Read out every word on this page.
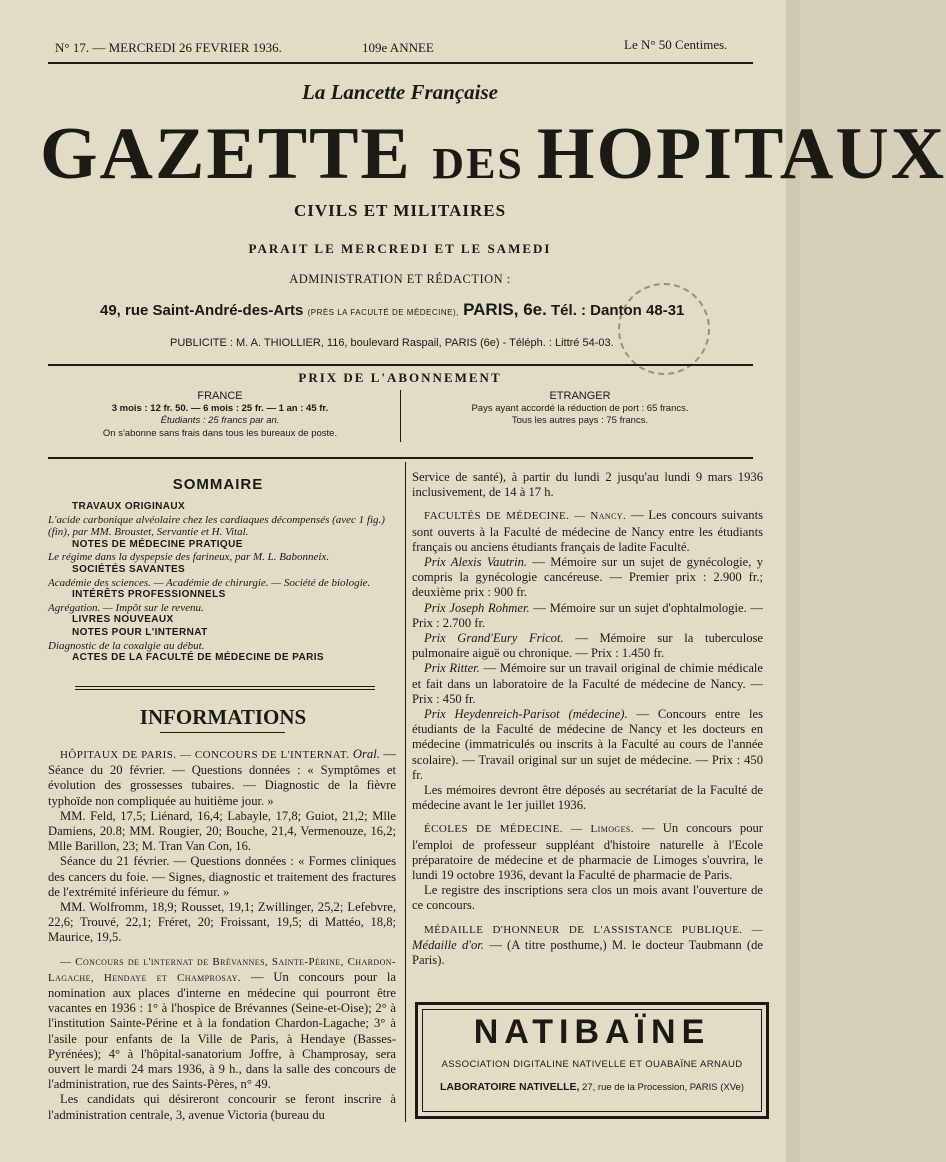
N° 17. — MERCREDI 26 FEVRIER 1936.	109e ANNEE	Le N° 50 Centimes.
La Lancette Française
GAZETTE DES HOPITAUX
CIVILS ET MILITAIRES
PARAIT LE MERCREDI ET LE SAMEDI
ADMINISTRATION ET RÉDACTION :
49, rue Saint-André-des-Arts (PRÈS LA FACULTÉ DE MÉDECINE), PARIS, 6e. Tél. : Danton 48-31
PUBLICITE : M. A. THIOLLIER, 116, boulevard Raspail, PARIS (6e) - Téléph. : Littré 54-03.
PRIX DE L'ABONNEMENT
FRANCE
3 mois : 12 fr. 50. — 6 mois : 25 fr. — 1 an : 45 fr.
Étudiants : 25 francs par an.
On s'abonne sans frais dans tous les bureaux de poste.
ETRANGER
Pays ayant accordé la réduction de port : 65 francs.
Tous les autres pays : 75 francs.
SOMMAIRE
TRAVAUX ORIGINAUX
L'acide carbonique alvéolaire chez les cardiaques décompensés (avec 1 fig.) (fin), par MM. Broustet, Servantie et H. Vital.
NOTES DE MÉDECINE PRATIQUE
Le régime dans la dyspepsie des farineux, par M. L. Babonneix.
SOCIÉTÉS SAVANTES
Académie des sciences. — Académie de chirurgie. — Société de biologie.
INTÉRÊTS PROFESSIONNELS
Agrégation. — Impôt sur le revenu.
LIVRES NOUVEAUX
NOTES POUR L'INTERNAT
Diagnostic de la coxalgie au début.
ACTES DE LA FACULTÉ DE MÉDECINE DE PARIS
INFORMATIONS

HÔPITAUX DE PARIS. — CONCOURS DE L'INTERNAT. Oral. — Séance du 20 février. — Questions données : « Symptômes et évolution des grossesses tubaires. — Diagnostic de la fièvre typhoïde non compliquée au huitième jour. »

MM. Feld, 17,5; Liénard, 16,4; Labayle, 17,8; Guiot, 21,2; Mlle Damiens, 20.8; MM. Rougier, 20; Bouche, 21,4, Vermenouze, 16,2; Mlle Barillon, 23; M. Tran Van Con, 16.

Séance du 21 février. — Questions données : « Formes cliniques des cancers du foie. — Signes, diagnostic et traitement des fractures de l'extrémité inférieure du fémur. »

MM. Wolfromm, 18,9; Rousset, 19,1; Zwillinger, 25,2; Lefebvre, 22,6; Trouvé, 22,1; Fréret, 20; Froissant, 19,5; di Mattéo, 18,8; Maurice, 19,5.

— Concours de l'internat de Brévannes, Sainte-Périne, Chardon-Lagache, Hendaye et Champrosay. — Un concours pour la nomination aux places d'interne en médecine qui pourront être vacantes en 1936 : 1° à l'hospice de Brévannes (Seine-et-Oise); 2° à l'institution Sainte-Périne et à la fondation Chardon-Lagache; 3° à l'asile pour enfants de la Ville de Paris, à Hendaye (Basses-Pyrénées); 4° à l'hôpital-sanatorium Joffre, à Champrosay, sera ouvert le mardi 24 mars 1936, à 9 h., dans la salle des concours de l'administration, rue des Saints-Pères, n° 49.

Les candidats qui désireront concourir se feront inscrire à l'administration centrale, 3, avenue Victoria (bureau du

Service de santé), à partir du lundi 2 jusqu'au lundi 9 mars 1936 inclusivement, de 14 à 17 h.

FACULTÉS DE MÉDECINE. — Nancy. — Les concours suivants sont ouverts à la Faculté de médecine de Nancy entre les étudiants français ou anciens étudiants français de ladite Faculté.

Prix Alexis Vautrin. — Mémoire sur un sujet de gynécologie, y compris la gynécologie cancéreuse. — Premier prix : 2.900 fr.; deuxième prix : 900 fr.

Prix Joseph Rohmer. — Mémoire sur un sujet d'ophtalmologie. — Prix : 2.700 fr.

Prix Grand'Eury Fricot. — Mémoire sur la tuberculose pulmonaire aiguë ou chronique. — Prix : 1.450 fr.

Prix Ritter. — Mémoire sur un travail original de chimie médicale et fait dans un laboratoire de la Faculté de médecine de Nancy. — Prix : 450 fr.

Prix Heydenreich-Parisot (médecine). — Concours entre les étudiants de la Faculté de médecine de Nancy et les docteurs en médecine (immatriculés ou inscrits à la Faculté au cours de l'année scolaire). — Travail original sur un sujet de médecine. — Prix : 450 fr.

Les mémoires devront être déposés au secrétariat de la Faculté de médecine avant le 1er juillet 1936.

ÉCOLES DE MÉDECINE. — Limoges. — Un concours pour l'emploi de professeur suppléant d'histoire naturelle à l'Ecole préparatoire de médecine et de pharmacie de Limoges s'ouvrira, le lundi 19 octobre 1936, devant la Faculté de pharmacie de Paris.

Le registre des inscriptions sera clos un mois avant l'ouverture de ce concours.

MÉDAILLE D'HONNEUR DE L'ASSISTANCE PUBLIQUE. — Médaille d'or. — (A titre posthume,) M. le docteur Taubmann (de Paris).

NATIBAÏNE
ASSOCIATION DIGITALINE NATIVELLE ET OUABAÏNE ARNAUD
LABORATOIRE NATIVELLE, 27, rue de la Procession, PARIS (XVe)
